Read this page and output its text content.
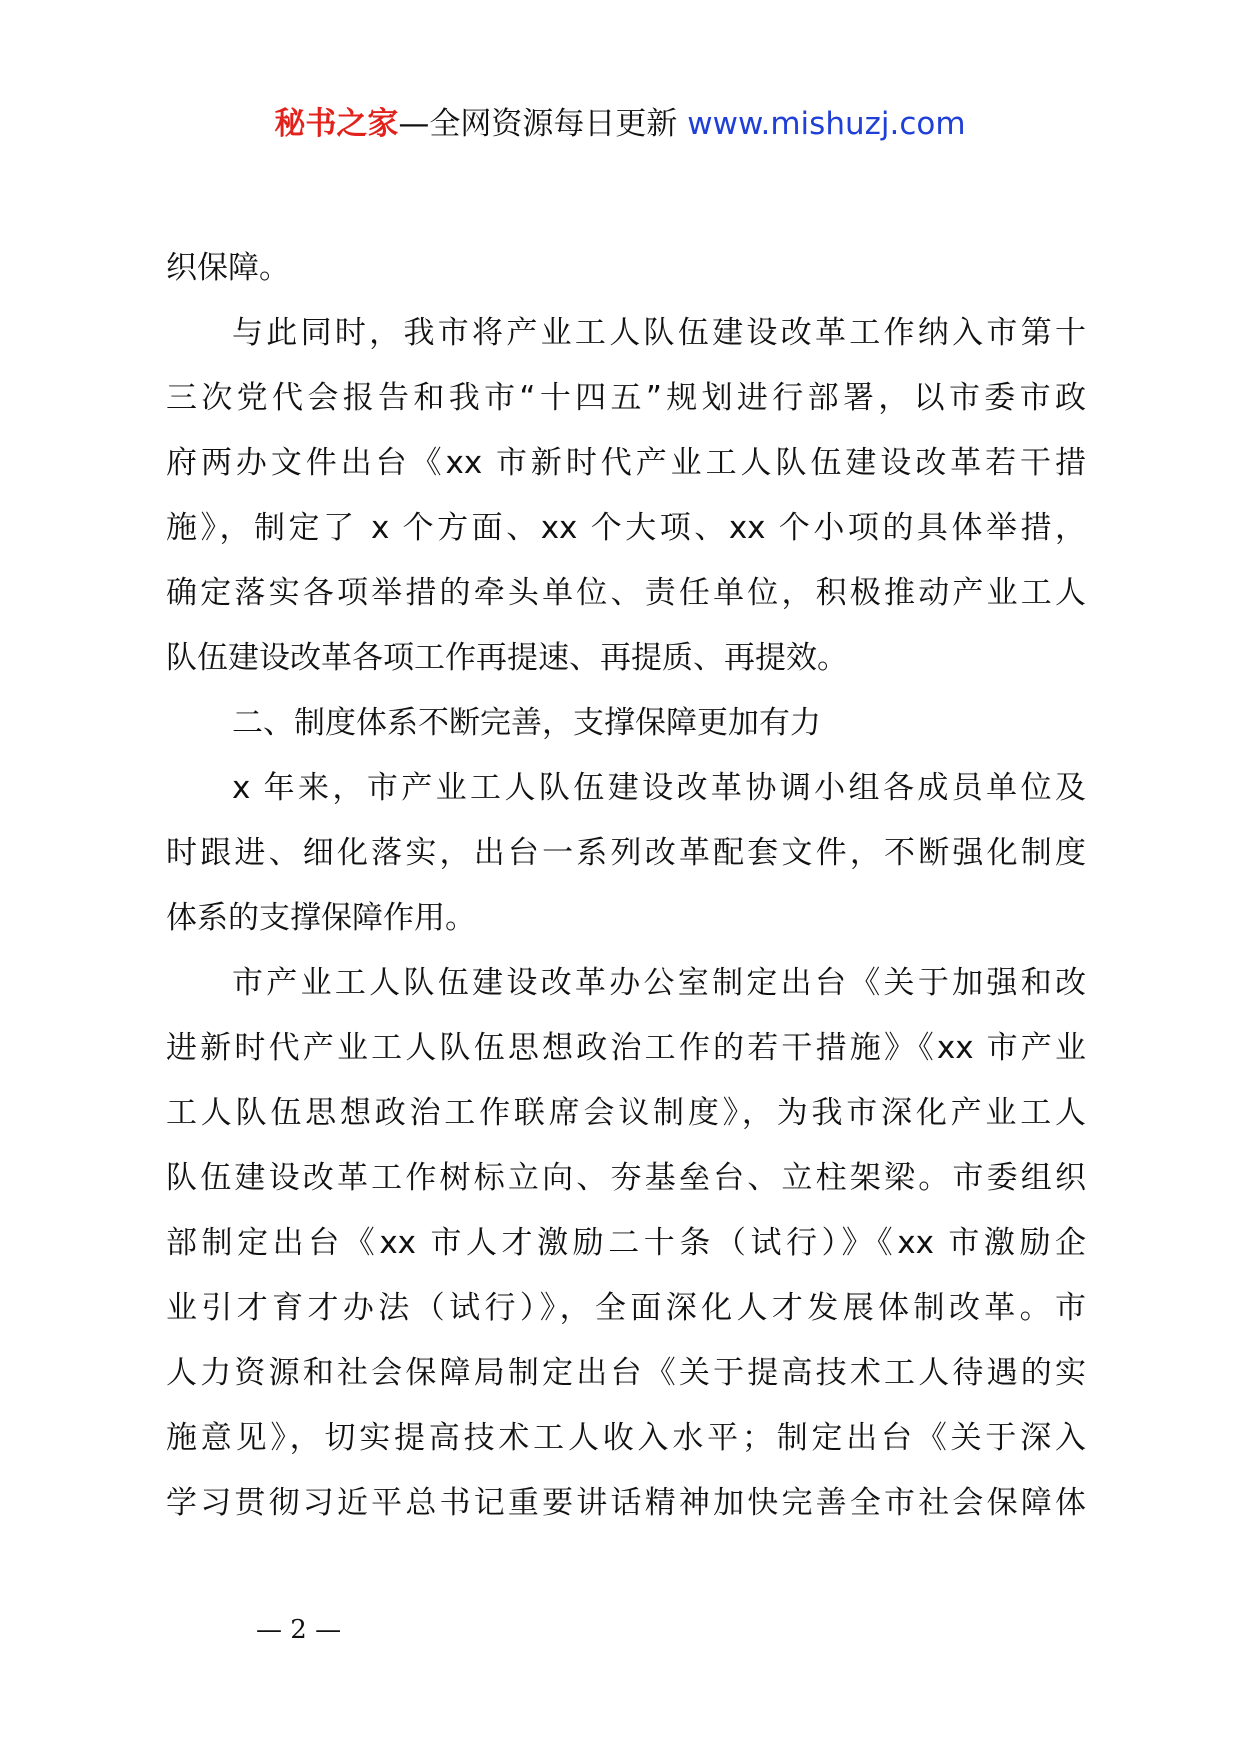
秘书之家—全网资源每日更新 www.mishuzj.com
织保障。
与此同时，我市将产业工人队伍建设改革工作纳入市第十
三次党代会报告和我市“十四五”规划进行部署，以市委市政
府两办文件出台《xx 市新时代产业工人队伍建设改革若干措
施》，制定了 x 个方面、xx 个大项、xx 个小项的具体举措，
确定落实各项举措的牵头单位、责任单位，积极推动产业工人
队伍建设改革各项工作再提速、再提质、再提效。
二、制度体系不断完善，支撑保障更加有力
x 年来，市产业工人队伍建设改革协调小组各成员单位及
时跟进、细化落实，出台一系列改革配套文件，不断强化制度
体系的支撑保障作用。
市产业工人队伍建设改革办公室制定出台《关于加强和改
进新时代产业工人队伍思想政治工作的若干措施》《xx 市产业
工人队伍思想政治工作联席会议制度》，为我市深化产业工人
队伍建设改革工作树标立向、夯基垒台、立柱架梁。市委组织
部制定出台《xx 市人才激励二十条（试行）》《xx 市激励企
业引才育才办法（试行）》，全面深化人才发展体制改革。市
人力资源和社会保障局制定出台《关于提高技术工人待遇的实
施意见》，切实提高技术工人收入水平；制定出台《关于深入
学习贯彻习近平总书记重要讲话精神加快完善全市社会保障体
— 2 —
